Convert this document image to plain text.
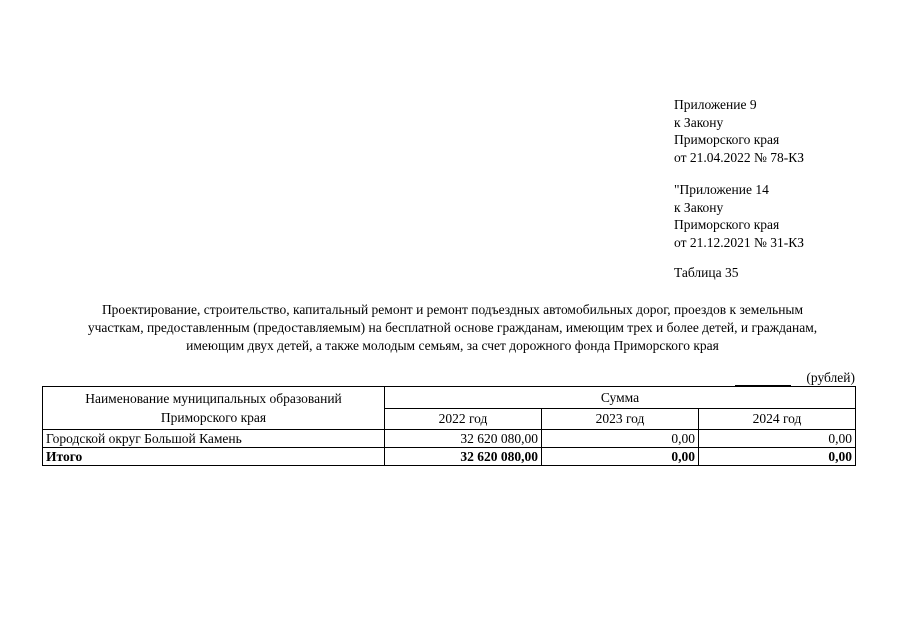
Приложение 9
к Закону
Приморского края
от 21.04.2022 № 78-КЗ
"Приложение 14
к Закону
Приморского края
от 21.12.2021 № 31-КЗ
Таблица 35
Проектирование, строительство, капитальный ремонт и ремонт подъездных автомобильных дорог, проездов к земельным
участкам, предоставленным (предоставляемым) на бесплатной основе гражданам, имеющим трех и более детей, и гражданам,
имеющим двух детей, а также молодым семьям, за счет дорожного фонда Приморского края
(рублей)
Наименование муниципальных образований
Приморского края	Сумма		
	2022 год	2023 год	2024 год
Городской округ Большой Камень	32 620 080,00	0,00	0,00
Итого	32 620 080,00	0,00	0,00
